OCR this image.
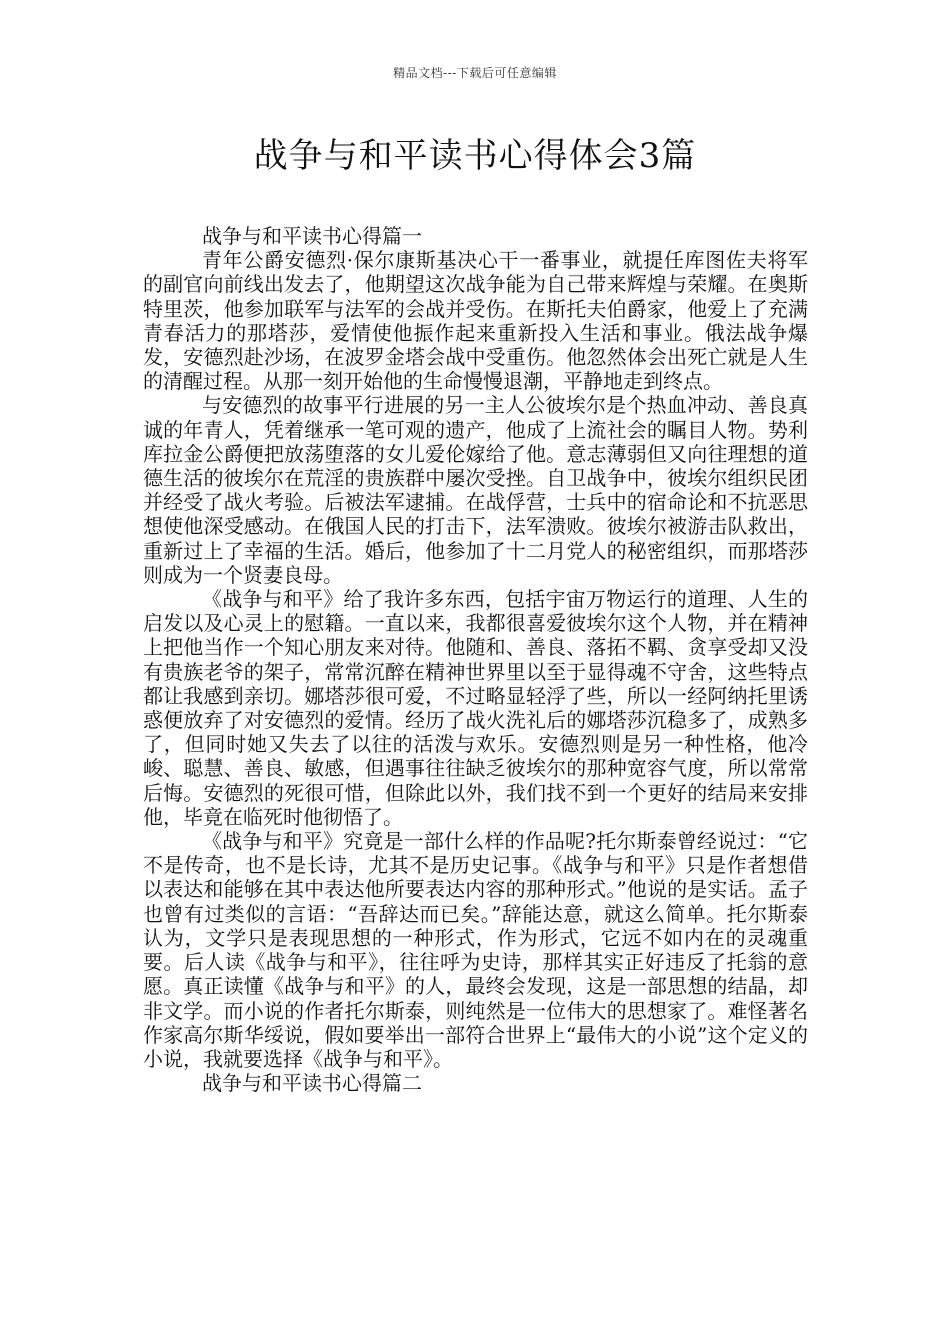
精品文档---下载后可任意编辑
战争与和平读书心得体会3篇

战争与和平读书心得篇一

青年公爵安德烈·保尔康斯基决心干一番事业，就提任库图佐夫将军的副官向前线出发去了，他期望这次战争能为自己带来辉煌与荣耀。在奥斯特里茨，他参加联军与法军的会战并受伤。在斯托夫伯爵家，他爱上了充满青春活力的那塔莎，爱情使他振作起来重新投入生活和事业。俄法战争爆发，安德烈赴沙场，在波罗金塔会战中受重伤。他忽然体会出死亡就是人生的清醒过程。从那一刻开始他的生命慢慢退潮，平静地走到终点。

与安德烈的故事平行进展的另一主人公彼埃尔是个热血冲动、善良真诚的年青人，凭着继承一笔可观的遗产，他成了上流社会的瞩目人物。势利库拉金公爵便把放荡堕落的女儿爱伦嫁给了他。意志薄弱但又向往理想的道德生活的彼埃尔在荒淫的贵族群中屡次受挫。自卫战争中，彼埃尔组织民团并经受了战火考验。后被法军逮捕。在战俘营，士兵中的宿命论和不抗恶思想使他深受感动。在俄国人民的打击下，法军溃败。彼埃尔被游击队救出，重新过上了幸福的生活。婚后，他参加了十二月党人的秘密组织，而那塔莎则成为一个贤妻良母。

《战争与和平》给了我许多东西，包括宇宙万物运行的道理、人生的启发以及心灵上的慰籍。一直以来，我都很喜爱彼埃尔这个人物，并在精神上把他当作一个知心朋友来对待。他随和、善良、落拓不羁、贪享受却又没有贵族老爷的架子，常常沉醉在精神世界里以至于显得魂不守舍，这些特点都让我感到亲切。娜塔莎很可爱，不过略显轻浮了些，所以一经阿纳托里诱惑便放弃了对安德烈的爱情。经历了战火洗礼后的娜塔莎沉稳多了，成熟多了，但同时她又失去了以往的活泼与欢乐。安德烈则是另一种性格，他冷峻、聪慧、善良、敏感，但遇事往往缺乏彼埃尔的那种宽容气度，所以常常后悔。安德烈的死很可惜，但除此以外，我们找不到一个更好的结局来安排他，毕竟在临死时他彻悟了。

《战争与和平》究竟是一部什么样的作品呢?托尔斯泰曾经说过：“它不是传奇，也不是长诗，尤其不是历史记事。《战争与和平》只是作者想借以表达和能够在其中表达他所要表达内容的那种形式。”他说的是实话。孟子也曾有过类似的言语：“吾辞达而已矣。”辞能达意，就这么简单。托尔斯泰认为，文学只是表现思想的一种形式，作为形式，它远不如内在的灵魂重要。后人读《战争与和平》，往往呼为史诗，那样其实正好违反了托翁的意愿。真正读懂《战争与和平》的人，最终会发现，这是一部思想的结晶，却非文学。而小说的作者托尔斯泰，则纯然是一位伟大的思想家了。难怪著名作家高尔斯华绥说，假如要举出一部符合世界上“最伟大的小说”这个定义的小说，我就要选择《战争与和平》。

战争与和平读书心得篇二
